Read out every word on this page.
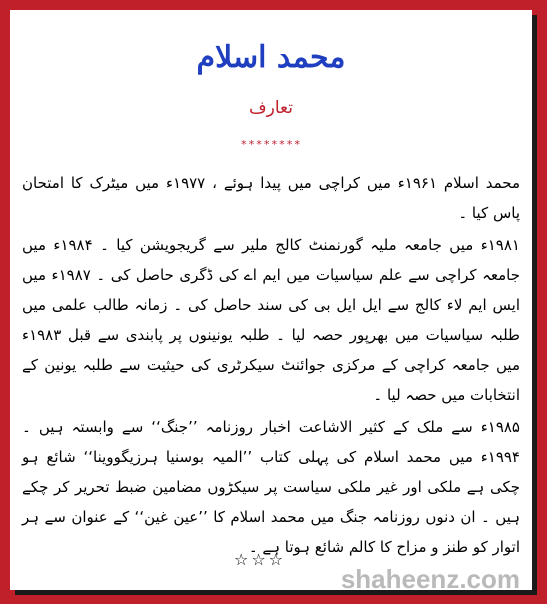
محمد اسلام
تعارف
********

محمد اسلام ۱۹۶۱ء میں کراچی میں پیدا ہوئے ، ۱۹۷۷ء میں میٹرک کا امتحان پاس کیا ۔

۱۹۸۱ء میں جامعہ ملیہ گورنمنٹ کالج ملیر سے گریجویشن کیا ۔ ۱۹۸۴ء میں جامعہ کراچی سے علم سیاسیات میں ایم اے کی ڈگری حاصل کی ۔ ۱۹۸۷ء میں ایس ایم لاء کالج سے ایل ایل بی کی سند حاصل کی ۔ زمانہ طالب علمی میں طلبہ سیاسیات میں بھرپور حصہ لیا ۔ طلبہ یونینوں پر پابندی سے قبل ۱۹۸۳ء میں جامعہ کراچی کے مرکزی جوائنٹ سیکرٹری کی حیثیت سے طلبہ یونین کے انتخابات میں حصہ لیا ۔

۱۹۸۵ء سے ملک کے کثیر الاشاعت اخبار روزنامہ ’’جنگ‘‘ سے وابستہ ہیں ۔ ۱۹۹۴ء میں محمد اسلام کی پہلی کتاب ’’المیہ بوسنیا ہرزیگووینا‘‘ شائع ہو چکی ہے ملکی اور غیر ملکی سیاست پر سیکڑوں مضامین ضبط تحریر کر چکے ہیں ۔ ان دنوں روزنامہ جنگ میں محمد اسلام کا ’’عین غین‘‘ کے عنوان سے ہر اتوار کو طنز و مزاح کا کالم شائع ہوتا ہے ۔

☆☆☆
shaheenz.com
